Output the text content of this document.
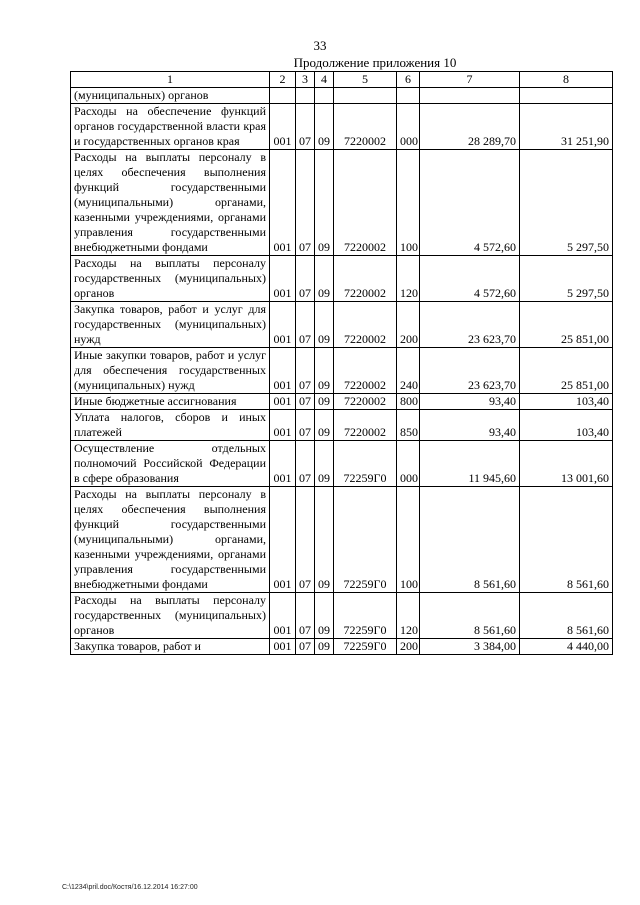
33
Продолжение приложения 10
1	2	3	4	5	6	7	8
(муниципальных) органов							
Расходы на обеспечение функций органов государственной власти края и государственных органов края	001	07	09	7220002	000	28 289,70	31 251,90
Расходы на выплаты персоналу в целях обеспечения выполнения функций государственными (муниципальными) органами, казенными учреждениями, органами управления государственными внебюджетными фондами	001	07	09	7220002	100	4 572,60	5 297,50
Расходы на выплаты персоналу государственных (муниципальных) органов	001	07	09	7220002	120	4 572,60	5 297,50
Закупка товаров, работ и услуг для государственных (муниципальных) нужд	001	07	09	7220002	200	23 623,70	25 851,00
Иные закупки товаров, работ и услуг для обеспечения государственных (муниципальных) нужд	001	07	09	7220002	240	23 623,70	25 851,00
Иные бюджетные ассигнования	001	07	09	7220002	800	93,40	103,40
Уплата налогов, сборов и иных платежей	001	07	09	7220002	850	93,40	103,40
Осуществление отдельных полномочий Российской Федерации в сфере образования	001	07	09	72259Г0	000	11 945,60	13 001,60
Расходы на выплаты персоналу в целях обеспечения выполнения функций государственными (муниципальными) органами, казенными учреждениями, органами управления государственными внебюджетными фондами	001	07	09	72259Г0	100	8 561,60	8 561,60
Расходы на выплаты персоналу государственных (муниципальных) органов	001	07	09	72259Г0	120	8 561,60	8 561,60
Закупка товаров, работ и	001	07	09	72259Г0	200	3 384,00	4 440,00
C:\1234\pril.doc/Костя/16.12.2014 16:27:00
